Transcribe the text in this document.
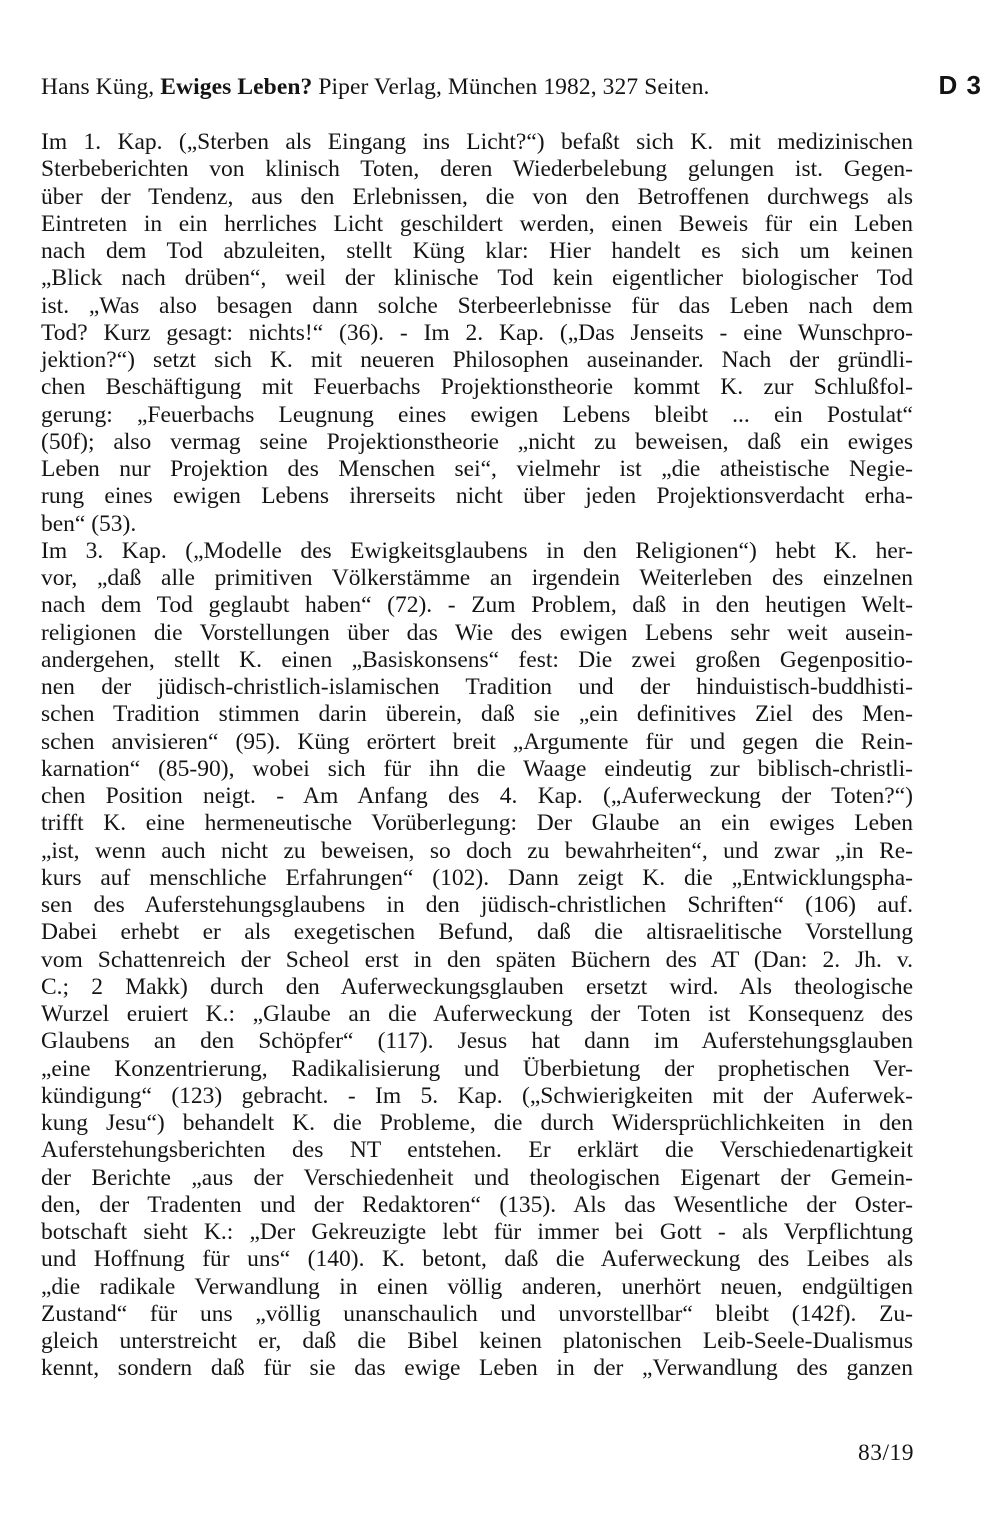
Hans Küng, Ewiges Leben? Piper Verlag, München 1982, 327 Seiten.	D 3
Im 1. Kap. („Sterben als Eingang ins Licht?“) befaßt sich K. mit medizinischen
Sterbeberichten von klinisch Toten, deren Wiederbelebung gelungen ist. Gegen-
über der Tendenz, aus den Erlebnissen, die von den Betroffenen durchwegs als
Eintreten in ein herrliches Licht geschildert werden, einen Beweis für ein Leben
nach dem Tod abzuleiten, stellt Küng klar: Hier handelt es sich um keinen
„Blick nach drüben“, weil der klinische Tod kein eigentlicher biologischer Tod
ist. „Was also besagen dann solche Sterbeerlebnisse für das Leben nach dem
Tod? Kurz gesagt: nichts!“ (36). - Im 2. Kap. („Das Jenseits - eine Wunschpro-
jektion?“) setzt sich K. mit neueren Philosophen auseinander. Nach der gründli-
chen Beschäftigung mit Feuerbachs Projektionstheorie kommt K. zur Schlußfol-
gerung: „Feuerbachs Leugnung eines ewigen Lebens bleibt ... ein Postulat“
(50f); also vermag seine Projektionstheorie „nicht zu beweisen, daß ein ewiges
Leben nur Projektion des Menschen sei“, vielmehr ist „die atheistische Negie-
rung eines ewigen Lebens ihrerseits nicht über jeden Projektionsverdacht erha-
ben“ (53).
Im 3. Kap. („Modelle des Ewigkeitsglaubens in den Religionen“) hebt K. her-
vor, „daß alle primitiven Völkerstämme an irgendein Weiterleben des einzelnen
nach dem Tod geglaubt haben“ (72). - Zum Problem, daß in den heutigen Welt-
religionen die Vorstellungen über das Wie des ewigen Lebens sehr weit ausein-
andergehen, stellt K. einen „Basiskonsens“ fest: Die zwei großen Gegenpositio-
nen der jüdisch-christlich-islamischen Tradition und der hinduistisch-buddhisti-
schen Tradition stimmen darin überein, daß sie „ein definitives Ziel des Men-
schen anvisieren“ (95). Küng erörtert breit „Argumente für und gegen die Rein-
karnation“ (85-90), wobei sich für ihn die Waage eindeutig zur biblisch-christli-
chen Position neigt. - Am Anfang des 4. Kap. („Auferweckung der Toten?“)
trifft K. eine hermeneutische Vorüberlegung: Der Glaube an ein ewiges Leben
„ist, wenn auch nicht zu beweisen, so doch zu bewahrheiten“, und zwar „in Re-
kurs auf menschliche Erfahrungen“ (102). Dann zeigt K. die „Entwicklungspha-
sen des Auferstehungsglaubens in den jüdisch-christlichen Schriften“ (106) auf.
Dabei erhebt er als exegetischen Befund, daß die altisraelitische Vorstellung
vom Schattenreich der Scheol erst in den späten Büchern des AT (Dan: 2. Jh. v.
C.; 2 Makk) durch den Auferweckungsglauben ersetzt wird. Als theologische
Wurzel eruiert K.: „Glaube an die Auferweckung der Toten ist Konsequenz des
Glaubens an den Schöpfer“ (117). Jesus hat dann im Auferstehungsglauben
„eine Konzentrierung, Radikalisierung und Überbietung der prophetischen Ver-
kündigung“ (123) gebracht. - Im 5. Kap. („Schwierigkeiten mit der Auferwek-
kung Jesu“) behandelt K. die Probleme, die durch Widersprüchlichkeiten in den
Auferstehungsberichten des NT entstehen. Er erklärt die Verschiedenartigkeit
der Berichte „aus der Verschiedenheit und theologischen Eigenart der Gemein-
den, der Tradenten und der Redaktoren“ (135). Als das Wesentliche der Oster-
botschaft sieht K.: „Der Gekreuzigte lebt für immer bei Gott - als Verpflichtung
und Hoffnung für uns“ (140). K. betont, daß die Auferweckung des Leibes als
„die radikale Verwandlung in einen völlig anderen, unerhört neuen, endgültigen
Zustand“ für uns „völlig unanschaulich und unvorstellbar“ bleibt (142f). Zu-
gleich unterstreicht er, daß die Bibel keinen platonischen Leib-Seele-Dualismus
kennt, sondern daß für sie das ewige Leben in der „Verwandlung des ganzen
83/19
